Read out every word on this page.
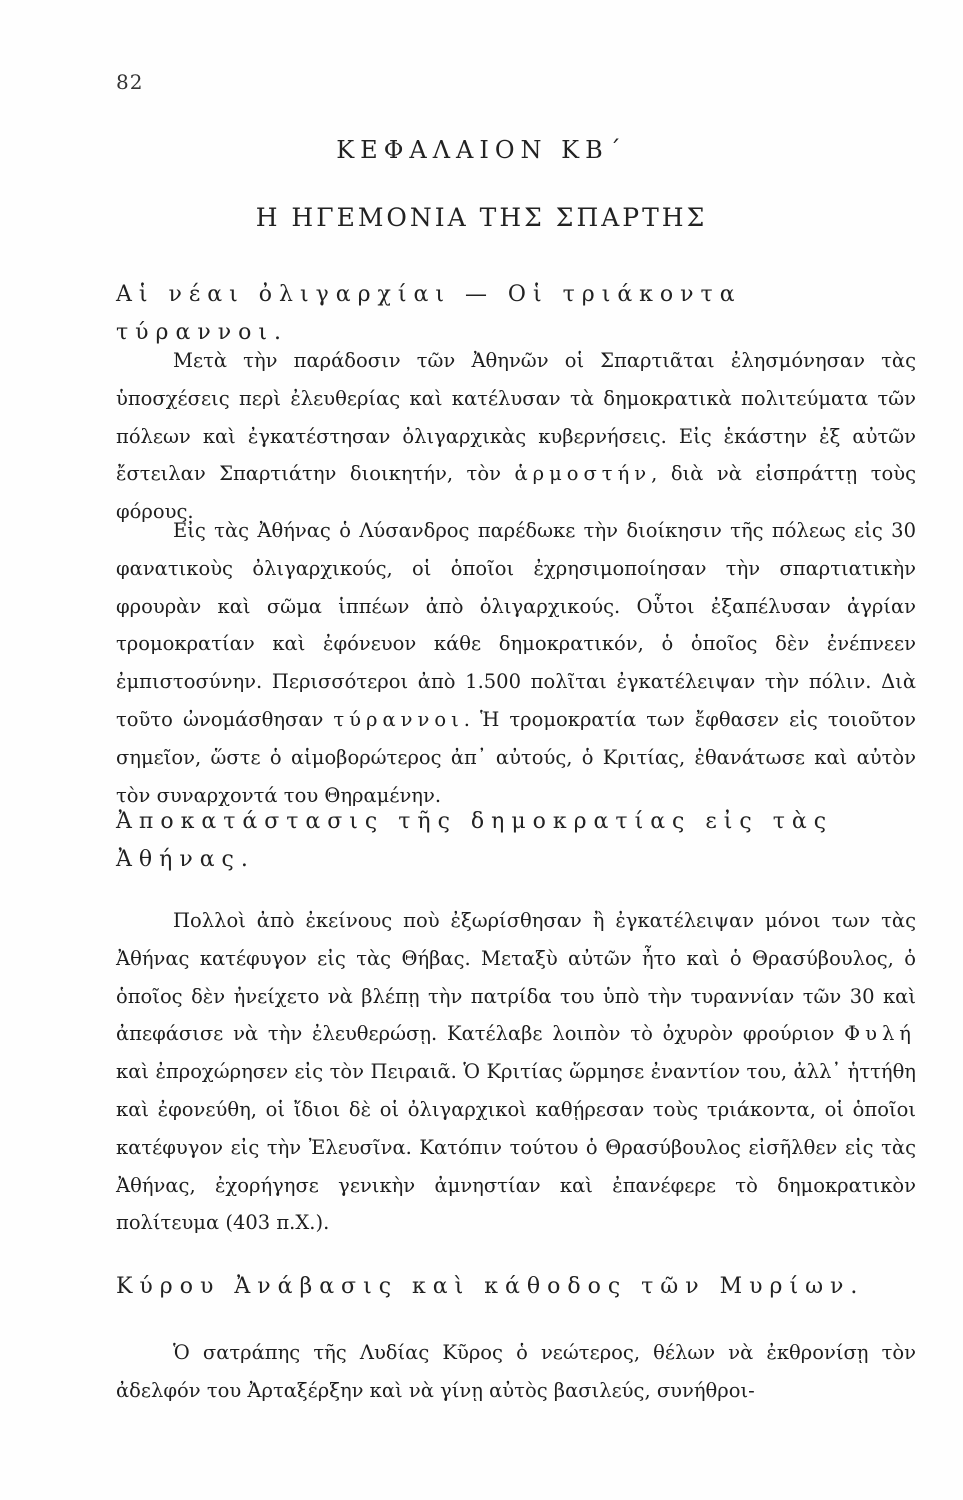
82
ΚΕΦΑΛΑΙΟΝ ΚΒ΄
Η ΗΓΕΜΟΝΙΑ ΤΗΣ ΣΠΑΡΤΗΣ
Αἱ νέαι ὀλιγαρχίαι — Οἱ τριάκοντα τύραννοι.
Μετὰ τὴν παράδοσιν τῶν Ἀθηνῶν οἱ Σπαρτιᾶται ἐλησμόνησαν τὰς ὑποσχέσεις περὶ ἐλευθερίας καὶ κατέλυσαν τὰ δημοκρατικὰ πολιτεύματα τῶν πόλεων καὶ ἐγκατέστησαν ὀλιγαρχικὰς κυβερνήσεις. Εἰς ἑκάστην ἐξ αὐτῶν ἔστειλαν Σπαρτιάτην διοικητήν, τὸν ἁρμοστήν, διὰ νὰ εἰσπράττῃ τοὺς φόρους.
Εἰς τὰς Ἀθήνας ὁ Λύσανδρος παρέδωκε τὴν διοίκησιν τῆς πόλεως εἰς 30 φανατικοὺς ὀλιγαρχικούς, οἱ ὁποῖοι ἐχρησιμοποίησαν τὴν σπαρτιατικὴν φρουρὰν καὶ σῶμα ἱππέων ἀπὸ ὀλιγαρχικούς. Οὗτοι ἐξαπέλυσαν ἀγρίαν τρομοκρατίαν καὶ ἐφόνευον κάθε δημοκρατικόν, ὁ ὁποῖος δὲν ἐνέπνεεν ἐμπιστοσύνην. Περισσότεροι ἀπὸ 1.500 πολῖται ἐγκατέλειψαν τὴν πόλιν. Διὰ τοῦτο ὠνομάσθησαν τύραννοι. Ἡ τρομοκρατία των ἔφθασεν εἰς τοιοῦτον σημεῖον, ὥστε ὁ αἱμοβορώτερος ἀπ᾿ αὐτούς, ὁ Κριτίας, ἐθανάτωσε καὶ αὐτὸν τὸν συναρχοντά του Θηραμένην.
Ἀποκατάστασις τῆς δημοκρατίας εἰς τὰς Ἀθήνας.
Πολλοὶ ἀπὸ ἐκείνους ποὺ ἐξωρίσθησαν ἢ ἐγκατέλειψαν μόνοι των τὰς Ἀθήνας κατέφυγον εἰς τὰς Θήβας. Μεταξὺ αὐτῶν ἦτο καὶ ὁ Θρασύβουλος, ὁ ὁποῖος δὲν ἠνείχετο νὰ βλέπῃ τὴν πατρίδα του ὑπὸ τὴν τυραννίαν τῶν 30 καὶ ἀπεφάσισε νὰ τὴν ἐλευθερώσῃ. Κατέλαβε λοιπὸν τὸ ὀχυρὸν φρούριον Φυλή καὶ ἐπροχώρησεν εἰς τὸν Πειραιᾶ. Ὁ Κριτίας ὥρμησε ἐναντίον του, ἀλλ᾿ ἡττήθη καὶ ἐφονεύθη, οἱ ἴδιοι δὲ οἱ ὀλιγαρχικοὶ καθῄρεσαν τοὺς τριάκοντα, οἱ ὁποῖοι κατέφυγον εἰς τὴν Ἐλευσῖνα. Κατόπιν τούτου ὁ Θρασύβουλος εἰσῆλθεν εἰς τὰς Ἀθήνας, ἐχορήγησε γενικὴν ἀμνηστίαν καὶ ἐπανέφερε τὸ δημοκρατικὸν πολίτευμα (403 π.Χ.).
Κύρου Ἀνάβασις καὶ κάθοδος τῶν Μυρίων.
Ὁ σατράπης τῆς Λυδίας Κῦρος ὁ νεώτερος, θέλων νὰ ἐκθρονίσῃ τὸν ἀδελφόν του Ἀρταξέρξην καὶ νὰ γίνῃ αὐτὸς βασιλεύς, συνήθροι-
